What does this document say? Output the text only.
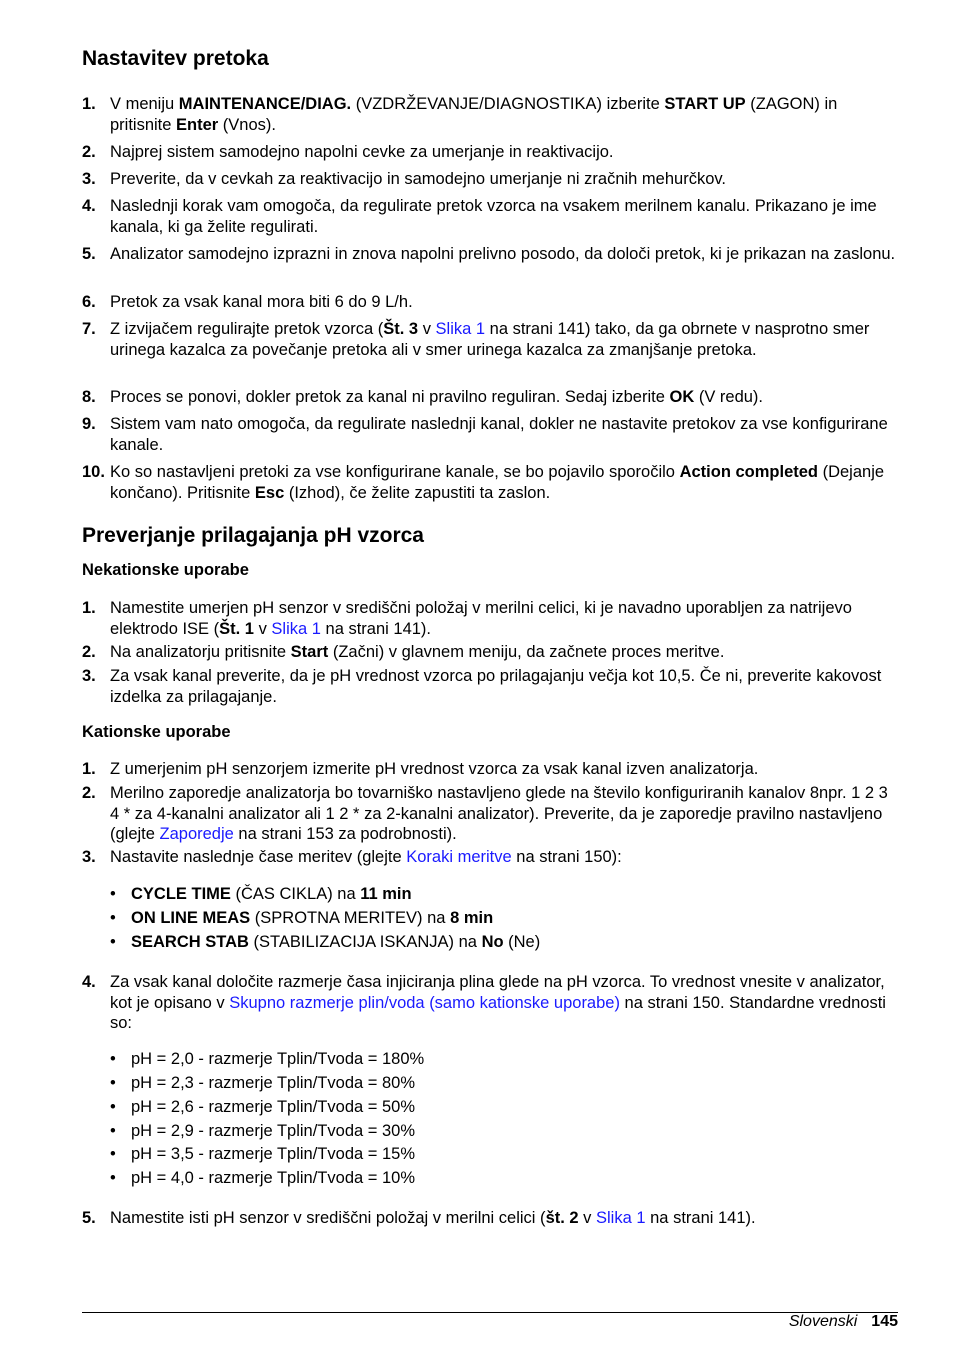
Nastavitev pretoka
1. V meniju MAINTENANCE/DIAG. (VZDRŽEVANJE/DIAGNOSTIKA) izberite START UP (ZAGON) in pritisnite Enter (Vnos).
2. Najprej sistem samodejno napolni cevke za umerjanje in reaktivacijo.
3. Preverite, da v cevkah za reaktivacijo in samodejno umerjanje ni zračnih mehurčkov.
4. Naslednji korak vam omogoča, da regulirate pretok vzorca na vsakem merilnem kanalu. Prikazano je ime kanala, ki ga želite regulirati.
5. Analizator samodejno izprazni in znova napolni prelivno posodo, da določi pretok, ki je prikazan na zaslonu.
6. Pretok za vsak kanal mora biti 6 do 9 L/h.
7. Z izvijačem regulirajte pretok vzorca (Št. 3 v Slika 1 na strani 141) tako, da ga obrnete v nasprotno smer urinega kazalca za povečanje pretoka ali v smer urinega kazalca za zmanjšanje pretoka.
8. Proces se ponovi, dokler pretok za kanal ni pravilno reguliran. Sedaj izberite OK (V redu).
9. Sistem vam nato omogoča, da regulirate naslednji kanal, dokler ne nastavite pretokov za vse konfigurirane kanale.
10. Ko so nastavljeni pretoki za vse konfigurirane kanale, se bo pojavilo sporočilo Action completed (Dejanje končano). Pritisnite Esc (Izhod), če želite zapustiti ta zaslon.
Preverjanje prilagajanja pH vzorca
Nekationske uporabe
1. Namestite umerjen pH senzor v središčni položaj v merilni celici, ki je navadno uporabljen za natrijevo elektrodo ISE (Št. 1 v Slika 1 na strani 141).
2. Na analizatorju pritisnite Start (Začni) v glavnem meniju, da začnete proces meritve.
3. Za vsak kanal preverite, da je pH vrednost vzorca po prilagajanju večja kot 10,5. Če ni, preverite kakovost izdelka za prilagajanje.
Kationske uporabe
1. Z umerjenim pH senzorjem izmerite pH vrednost vzorca za vsak kanal izven analizatorja.
2. Merilno zaporedje analizatorja bo tovarniško nastavljeno glede na število konfiguriranih kanalov 8npr. 1 2 3 4 * za 4-kanalni analizator ali 1 2 * za 2-kanalni analizator). Preverite, da je zaporedje pravilno nastavljeno (glejte Zaporedje na strani 153 za podrobnosti).
3. Nastavite naslednje čase meritev (glejte Koraki meritve na strani 150):
• CYCLE TIME (ČAS CIKLA) na 11 min
• ON LINE MEAS (SPROTNA MERITEV) na 8 min
• SEARCH STAB (STABILIZACIJA ISKANJA) na No (Ne)
4. Za vsak kanal določite razmerje časa injiciranja plina glede na pH vzorca. To vrednost vnesite v analizator, kot je opisano v Skupno razmerje plin/voda (samo kationske uporabe) na strani 150. Standardne vrednosti so:
• pH = 2,0 - razmerje Tplin/Tvoda = 180%
• pH = 2,3 - razmerje Tplin/Tvoda = 80%
• pH = 2,6 - razmerje Tplin/Tvoda = 50%
• pH = 2,9 - razmerje Tplin/Tvoda = 30%
• pH = 3,5 - razmerje Tplin/Tvoda = 15%
• pH = 4,0 - razmerje Tplin/Tvoda = 10%
5. Namestite isti pH senzor v središčni položaj v merilni celici (št. 2 v Slika 1 na strani 141).
Slovenski 145
